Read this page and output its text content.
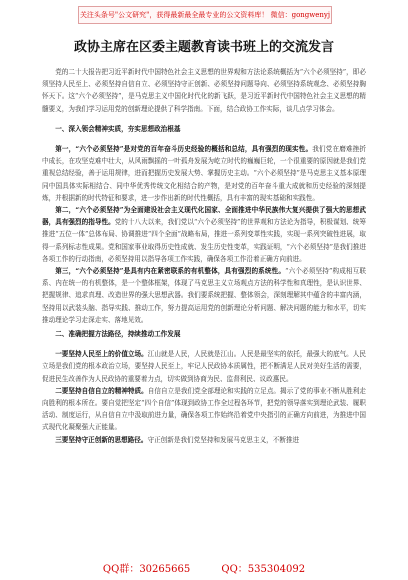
关注头条号"公文研究"，获得最新最全最专业的公文资料库！ 微信：gongwenyj
政协主席在区委主题教育读书班上的交流发言

党的二十大报告把习近平新时代中国特色社会主义思想的世界观和方法论系统概括为“六个必须坚持”，即必须坚持人民至上、必须坚持自信自立、必须坚持守正创新、必须坚持问题导向、必须坚持系统观念、必须坚持胸怀天下。这“六个必须坚持”，是马克思主义中国化时代化的新飞跃，是习近平新时代中国特色社会主义思想的精髓要义，为我们学习运用党的创新理论提供了科学指南。下面，结合政协工作实际，谈几点学习体会。

一、深入领会精神实质，夯实思想政治根基

第一，“六个必须坚持”是对党的百年奋斗历史经验的概括和总结，具有强烈的现实性。我们党在磨难挫折中成长，在攻坚克难中壮大，从风雨飘摇的一叶孤舟发展为屹立时代的巍巍巨轮，一个很重要的原因就是我们党重视总结经验，善于运用规律，进而把握历史发展大势、掌握历史主动。“六个必须坚持”是马克思主义基本原理同中国具体实际相结合、同中华优秀传统文化相结合的产物，是对党的百年奋斗重大成就和历史经验的深刻提炼，并根据新的时代特征和要求，进一步作出新的时代性概括，具有丰富的现实基础和实践性。

第二，“六个必须坚持”为全面建设社会主义现代化国家、全面推进中华民族伟大复兴提供了强大的思想武器，具有强烈的指导性。党的十八大以来，我们党以“六个必须坚持”的世界观和方法论为指导，积极谋划、统筹推进“五位一体”总体布局、协调推进“四个全面”战略布局，推进一系列变革性实践，实现一系列突破性进展，取得一系列标志性成果。党和国家事业取得历史性成就、发生历史性变革，实践证明，“六个必须坚持”是我们推进各项工作的行动指南，必须坚持用以指导各项工作实践，确保各项工作沿着正确方向前进。

第三，“六个必须坚持”是具有内在紧密联系的有机整体，具有强烈的系统性。“六个必须坚持”构成相互联系、内在统一的有机整体，是一个整体框架，体现了马克思主义立场观点方法的科学性和真理性，是认识世界、把握规律、追求真理、改造世界的强大思想武器。我们要系统把握、整体领会，深刻理解其中蕴含的丰富内涵，坚持用以武装头脑、指导实践、推动工作，努力提高运用党的创新理论分析问题、解决问题的能力和水平，切实推动理论学习走深走实、落地见效。

二、准确把握方法路径，持续推动工作发展

一要坚持人民至上的价值立场。江山就是人民，人民就是江山。人民是最坚实的依托，最强大的底气。人民立场是我们党的根本政治立场，要坚持人民至上，牢记人民政协本质属性，把不断满足人民对美好生活的需要，促进民生改善作为人民政协的重要着力点，切实做到协商为民、监督利民、议政惠民。

二要坚持自信自立的精神特质。自信自立是我们党全部理论和实践的立足点。揭示了党的事业不断从胜利走向胜利的根本所在。要自觉把坚定“四个自信”体现到政协工作全过程各环节，把党的领导落实到理论武装、履职活动、制度运行，从自信自立中汲取前进力量，确保各项工作始终沿着党中央指引的正确方向前进，为推进中国式现代化凝聚强大正能量。

三要坚持守正创新的思想路径。守正创新是我们党坚持和发展马克思主义，不断推进

QQ群：30265665	QQ：535304092
